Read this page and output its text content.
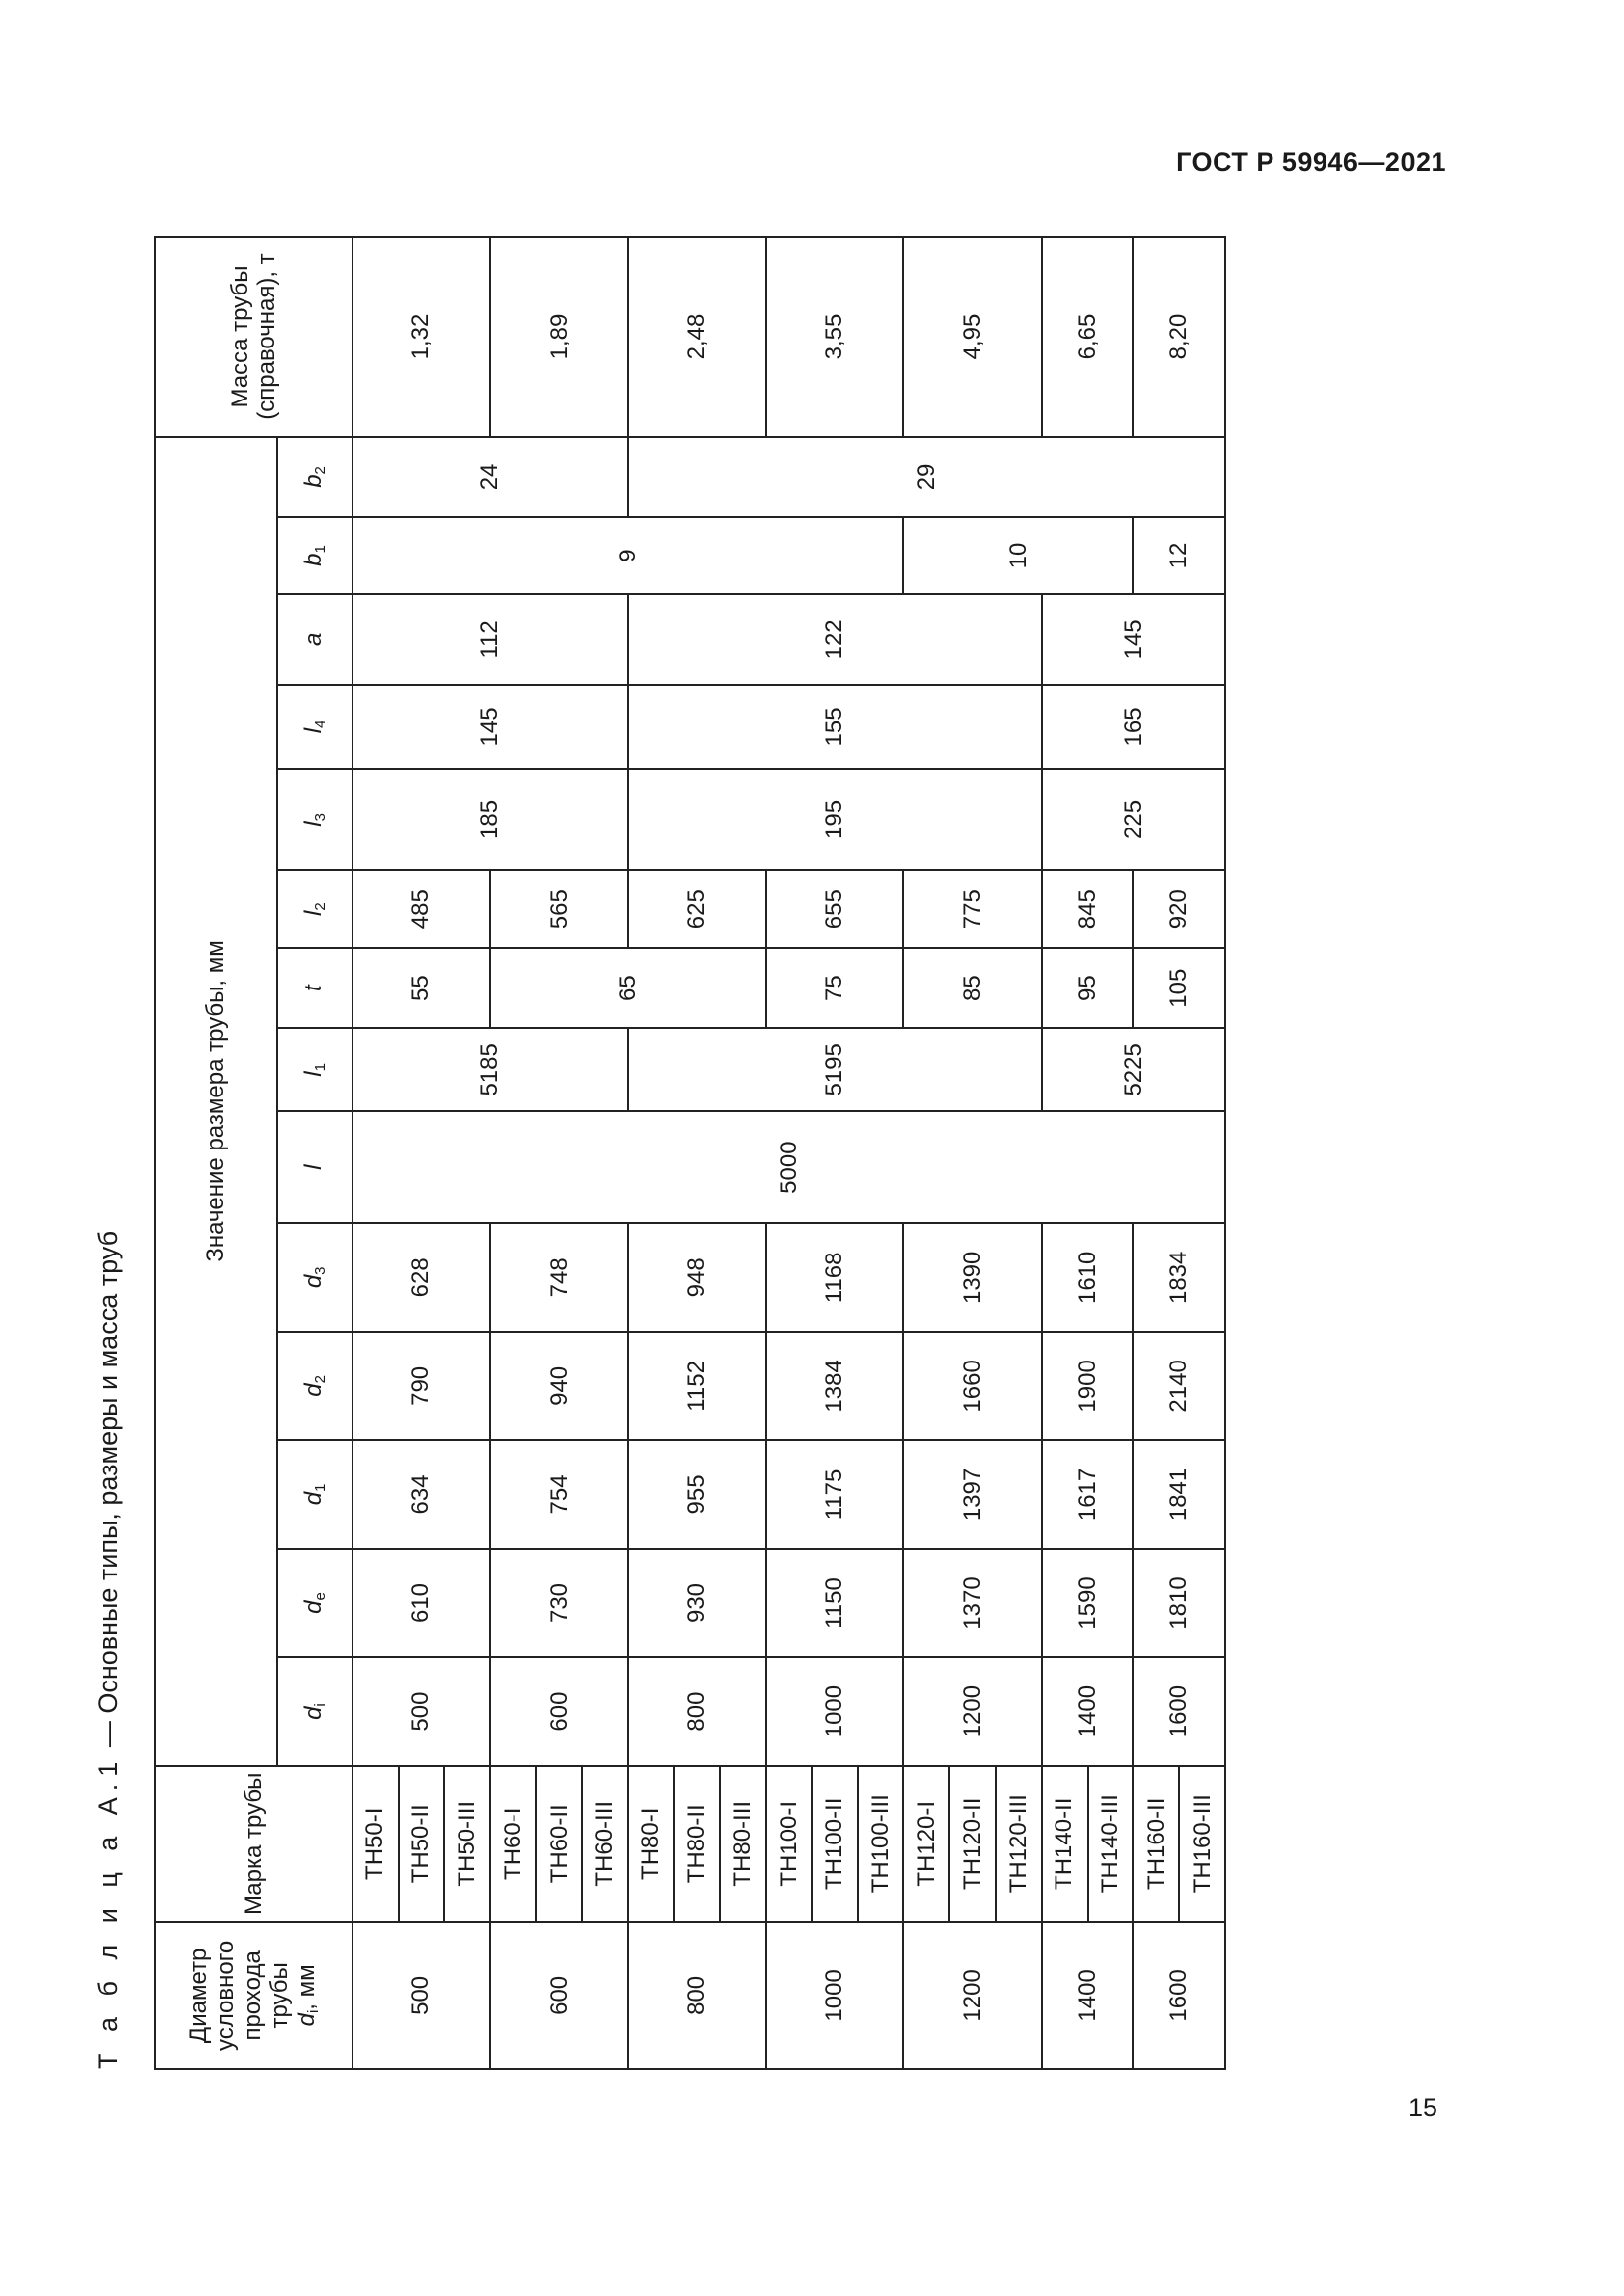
ГОСТ Р 59946—2021
Т а б л и ц а А.1 — Основные типы, размеры и масса труб
Диаметр условного прохода трубы
$d_i$, мм	Марка трубы	Значение размера трубы, мм														Масса трубы (справочная), т
		$d_i$	$d_e$	$d_1$	$d_2$	$d_3$	l	$l_1$	t	$l_2$	$l_3$	$l_4$	a	$b_1$	$b_2$
500	ТН50-I	500	610	634	790	628	5000	5185	55	485	185	145	112	9	24	1,32
	ТН50-II															
	ТН50-III															
600	ТН60-I	600	730	754	940	748			65	565						1,89
	ТН60-II															
	ТН60-III															
800	ТН80-I	800	930	955	1152	948		5195		625	195	155	122		29	2,48
	ТН80-II															
	ТН80-III															
1000	ТН100-I	1000	1150	1175	1384	1168			75	655						3,55
	ТН100-II															
	ТН100-III															
1200	ТН120-I	1200	1370	1397	1660	1390			85	775				10		4,95
	ТН120-II															
	ТН120-III															
1400	ТН140-II	1400	1590	1617	1900	1610		5225	95	845	225	165	145			6,65
	ТН140-III															
1600	ТН160-II	1600	1810	1841	2140	1834			105	920				12		8,20
	ТН160-III															
15
